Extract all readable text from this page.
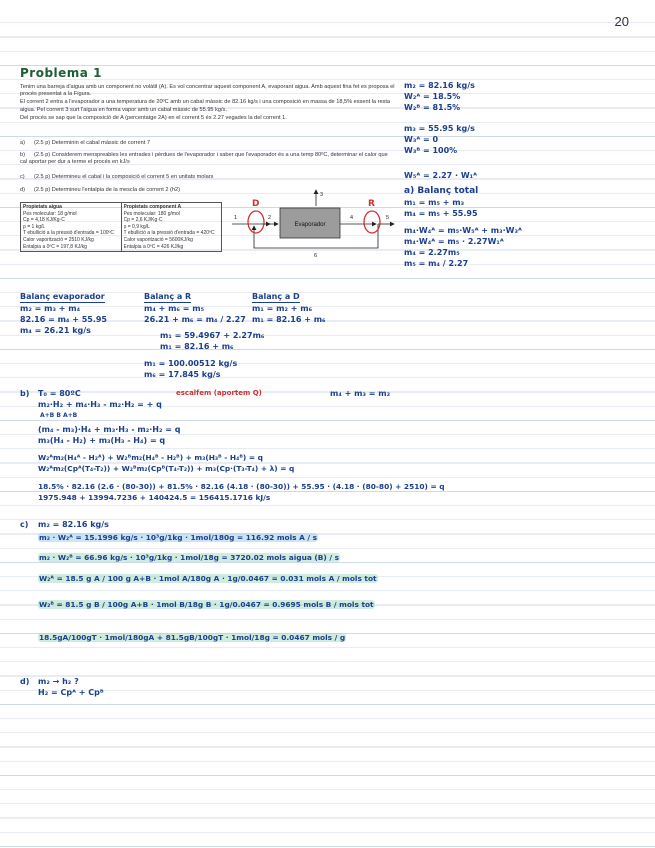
20
Problema 1

Tenim una barreja d'aigua amb un component no volàtil (A). Es vol concentrar aquest component A, evaporant aigua. Amb aquest fina fet es proposa el procés presentat a la Figura.

El corrent 2 entra a l'evaporador a una temperatura de 20ºC amb un cabal màssic de 82.16 kg/s i una composició en massa de 18,5% essent la resta aigua. Pel corrent 3 surt l'aigua en forma vapor amb un cabal màssic de 55.95 kg/s.

Del procés se sap que la composició de A (percentatge 2A) en el corrent 5 és 2.27 vegades la del corrent 1.

a) (2.5 p) Determinin el cabal màssic de corrent 7
b) (2.5 p) Considerem menspreables les entrades i pèrdues de l'evaporador i saber que l'evaporador és a una temp 80ºC, determinar el calor que cal aportar per dur a terme el procés en kJ/s
c) (2.5 p) Determineu el cabal i la composició el corrent 5 en unitats molars
d) (2.5 p) Determineu l'entalpia de la mescla de corrent 2 (h2)
Propietats aigua
Pes molecular: 18 g/mol
Cp = 4,18 KJ/Kg·C
ρ = 1 kg/L
T ebullició a la pressió d'entrada = 100ºC
Calor vaporització = 2510 KJ/kg
Entalpia a 0ºC = 197,8 KJ/kg

Propietats component A
Pes molecular: 180 g/mol
Cp = 2,6 KJ/Kg·C
ρ = 0,9 kg/L
T ebullició a la pressió d'entrada = 420ºC
Calor vaporització = 5600KJ/kg
Entalpia a 0ºC = 426 KJ/kg
Evaporador
D	R
1	2
3
4	5
6
m₂ = 82.16 kg/s
W₂ᴬ = 18.5%
W₂ᴮ = 81.5%
m₃ = 55.95 kg/s
W₃ᴬ = 0
W₃ᴮ = 100%
W₅ᴬ = 2.27 · W₁ᴬ
a) Balanç total
m₁ = m₅ + m₃
m₄ = m₅ + 55.95
m₄·W₄ᴬ = m₅·W₅ᴬ + m₃·W₃ᴬ
m₄·W₄ᴬ = m₅ · 2.27W₁ᴬ
m₄ = 2.27m₅
m₅ = m₄ / 2.27
Balanç evaporador
m₂ = m₃ + m₄
82.16 = m₄ + 55.95
m₄ = 26.21 kg/s
Balanç a R
m₄ + m₆ = m₅
26.21 + m₆ = m₄ / 2.27
Balanç a D
m₁ = m₂ + m₆
m₁ = 82.16 + m₆
m₁ = 59.4967 + 2.27m₆
m₁ = 82.16 + m₆
m₁ = 100.00512 kg/s
m₆ = 17.845 kg/s
b) T₀ = 80ºC	m₄ + m₃ = m₂
m₂·H₂ + m₄·H₃ - m₂·H₂ = + q
escalfem (aportem Q)
A+B B A+B
(m₄ - m₃)·H₄ + m₃·H₃ - m₂·H₂ = q
m₃(H₄ - H₂) + m₃(H₃ - H₄) = q
W₂ᴬm₂(H₄ᴬ - H₂ᴬ) + W₂ᴮm₂(H₄ᴮ - H₂ᴮ) + m₃(H₃ᴮ - H₄ᴮ) = q
W₂ᴬm₂(Cpᴬ(T₄-T₂)) + W₂ᴮm₂(Cpᴮ(T₄-T₂)) + m₃(Cp·(T₃-T₄) + λ) = q
18.5% · 82.16 (2.6 · (80-30)) + 81.5% · 82.16 (4.18 · (80-30)) + 55.95 · (4.18 · (80-80) + 2510) = q
1975.948 + 13994.7236 + 140424.5 = 156415.1716 kJ/s
c) m₂ = 82.16 kg/s
m₂ · W₂ᴬ = 15.1996 kg/s · 10³g/1kg · 1mol/180g = 116.92 mols A / s
m₂ · W₂ᴮ = 66.96 kg/s · 10³g/1kg · 1mol/18g = 3720.02 mols aigua (B) / s
W₂ᴬ = 18.5 g A / 100 g A+B · 1mol A/180g A · 1g/0.0467 = 0.031 mols A / mols tot
W₂ᴮ = 81.5 g B / 100g A+B · 1mol B/18g B · 1g/0.0467 = 0.9695 mols B / mols tot
18.5gA/100gT · 1mol/180gA + 81.5gB/100gT · 1mol/18g = 0.0467 mols / g
d) m₂ → h₂ ?
H₂ = Cpᴬ + Cpᴮ
